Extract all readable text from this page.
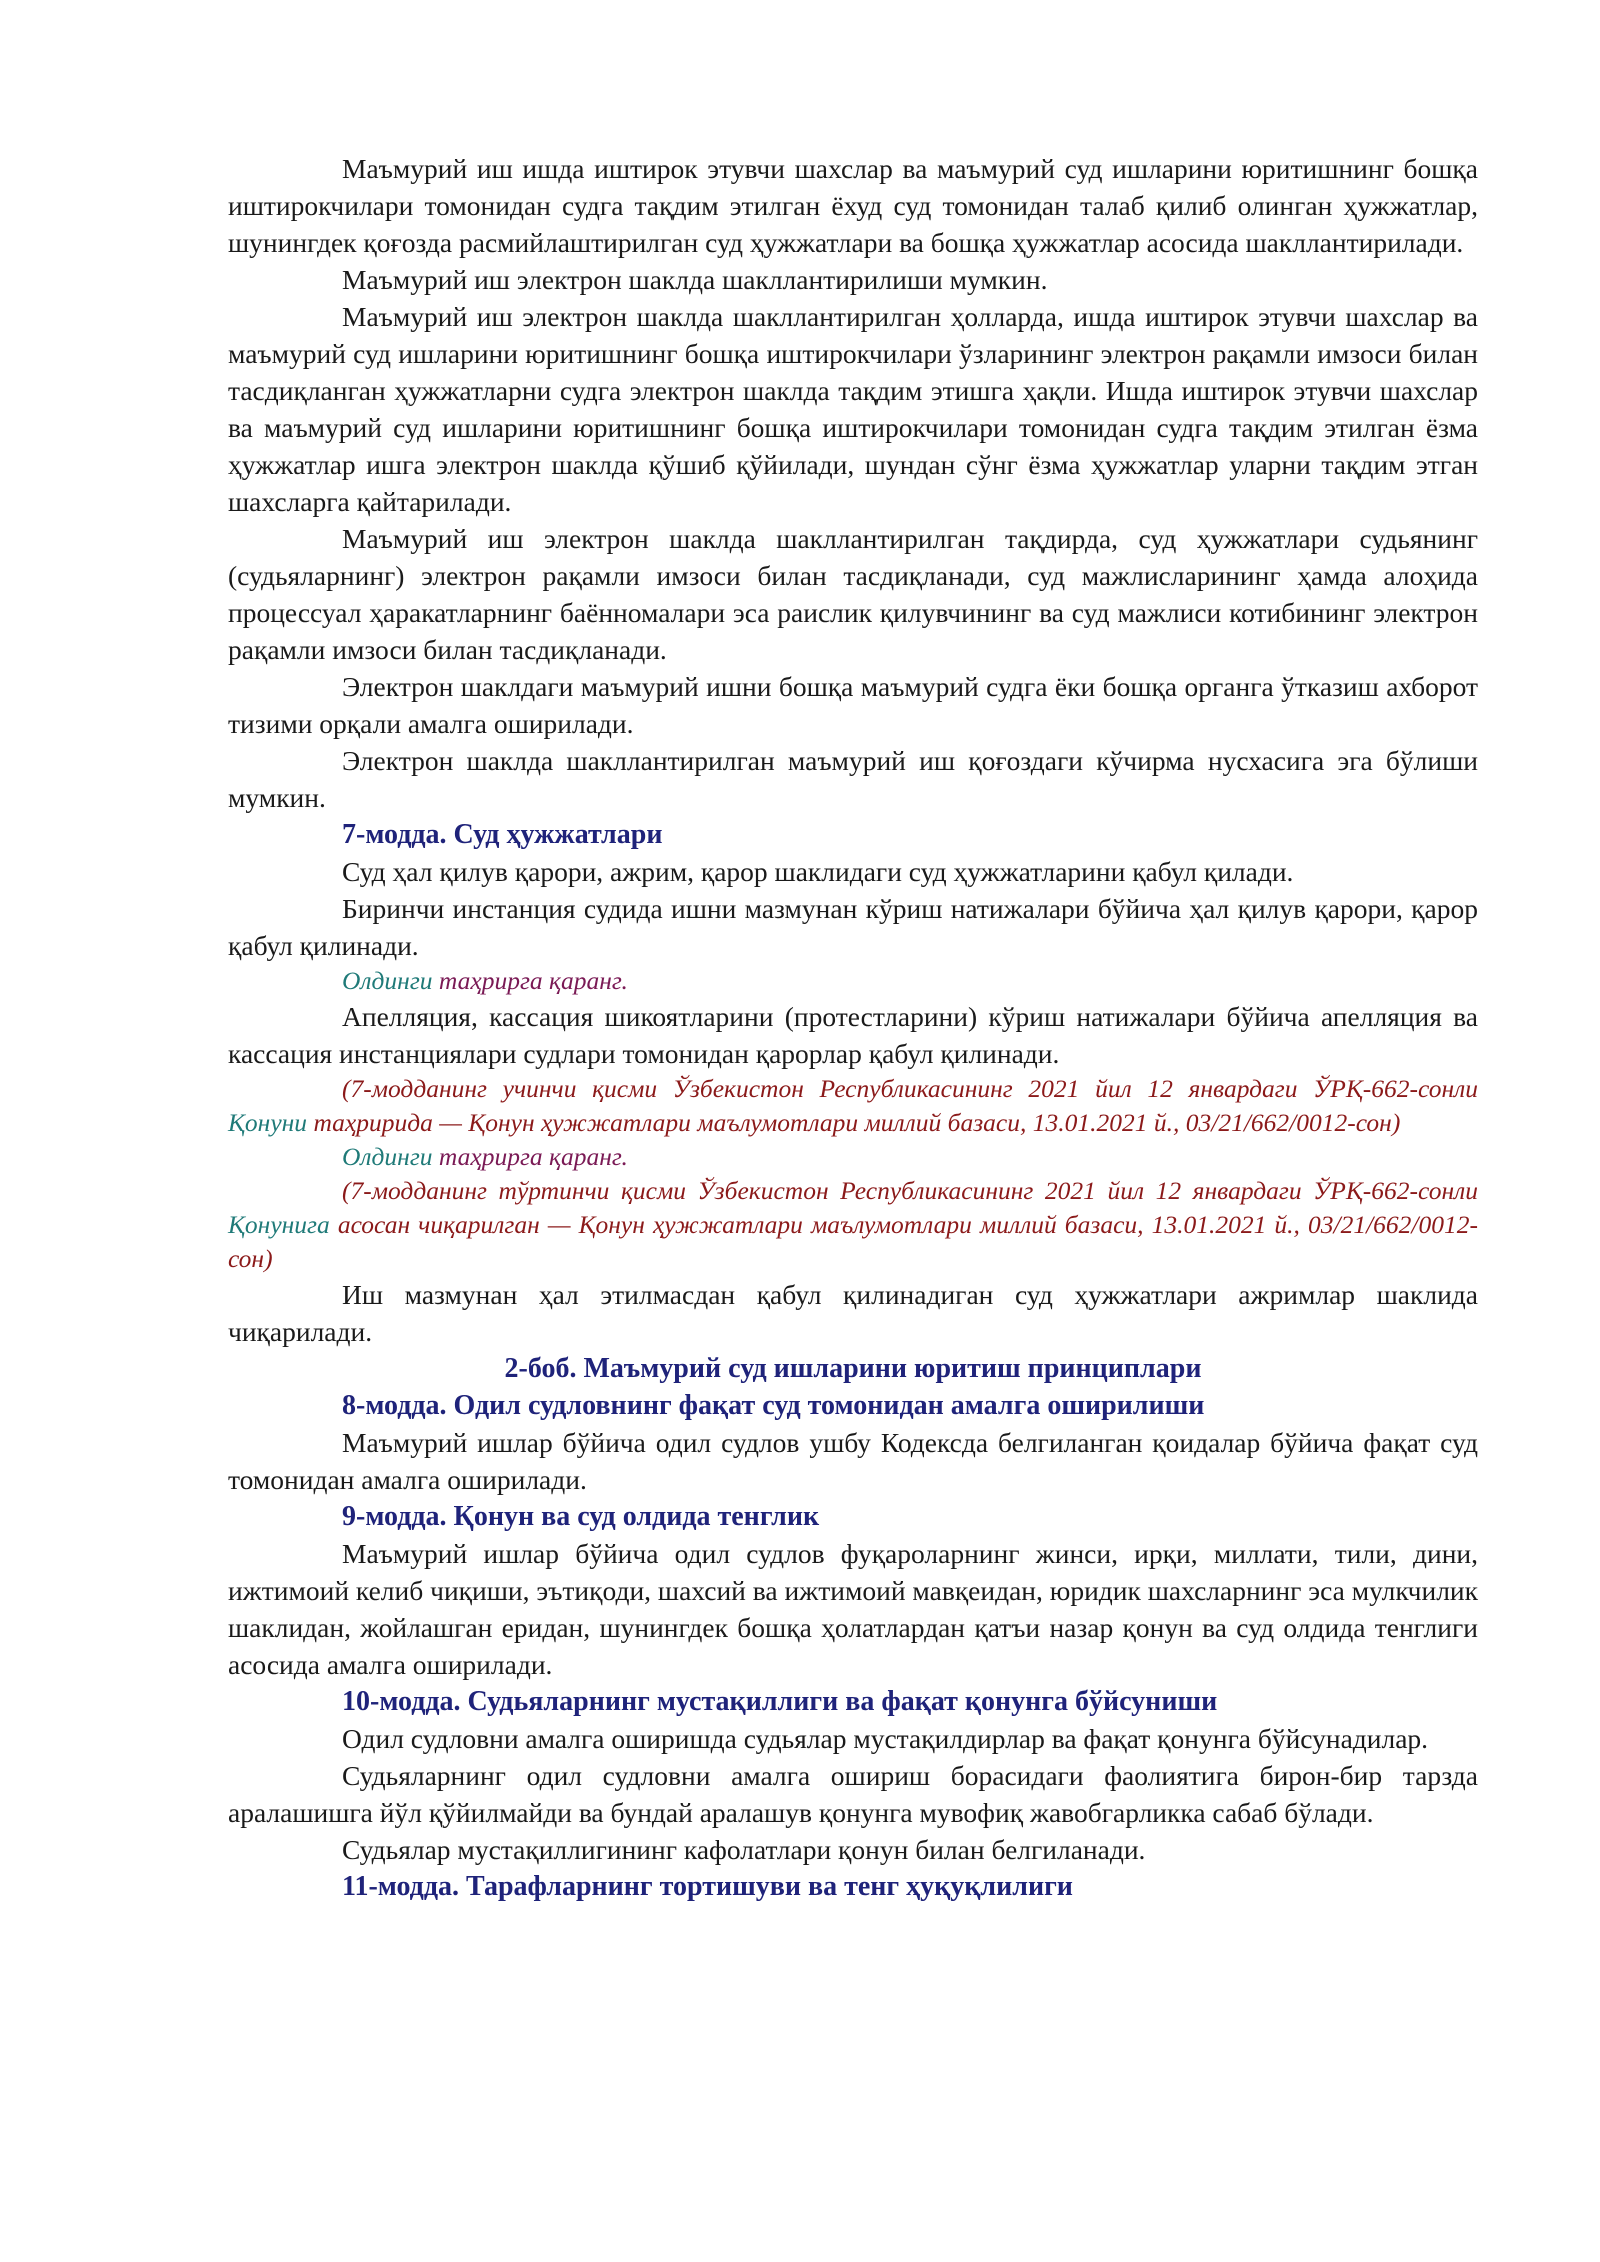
Маъмурий иш ишда иштирок этувчи шахслар ва маъмурий суд ишларини юритишнинг бошқа иштирокчилари томонидан судга тақдим этилган ёхуд суд томонидан талаб қилиб олинган ҳужжатлар, шунингдек қоғозда расмийлаштирилган суд ҳужжатлари ва бошқа ҳужжатлар асосида шакллантирилади.

Маъмурий иш электрон шаклда шакллантирилиши мумкин.

Маъмурий иш электрон шаклда шакллантирилган ҳолларда, ишда иштирок этувчи шахслар ва маъмурий суд ишларини юритишнинг бошқа иштирокчилари ўзларининг электрон рақамли имзоси билан тасдиқланган ҳужжатларни судга электрон шаклда тақдим этишга ҳақли. Ишда иштирок этувчи шахслар ва маъмурий суд ишларини юритишнинг бошқа иштирокчилари томонидан судга тақдим этилган ёзма ҳужжатлар ишга электрон шаклда қўшиб қўйилади, шундан сўнг ёзма ҳужжатлар уларни тақдим этган шахсларга қайтарилади.

Маъмурий иш электрон шаклда шакллантирилган тақдирда, суд ҳужжатлари судьянинг (судьяларнинг) электрон рақамли имзоси билан тасдиқланади, суд мажлисларининг ҳамда алоҳида процессуал ҳаракатларнинг баённомалари эса раислик қилувчининг ва суд мажлиси котибининг электрон рақамли имзоси билан тасдиқланади.

Электрон шаклдаги маъмурий ишни бошқа маъмурий судга ёки бошқа органга ўтказиш ахборот тизими орқали амалга оширилади.

Электрон шаклда шакллантирилган маъмурий иш қоғоздаги кўчирма нусхасига эга бўлиши мумкин.

7-модда. Суд ҳужжатлари

Суд ҳал қилув қарори, ажрим, қарор шаклидаги суд ҳужжатларини қабул қилади.

Биринчи инстанция судида ишни мазмунан кўриш натижалари бўйича ҳал қилув қарори, қарор қабул қилинади.

Олдинги таҳрирга қаранг.

Апелляция, кассация шикоятларини (протестларини) кўриш натижалари бўйича апелляция ва кассация инстанциялари судлари томонидан қарорлар қабул қилинади.

(7-модданинг учинчи қисми Ўзбекистон Республикасининг 2021 йил 12 январдаги ЎРҚ-662-сонли Қонуни таҳририда — Қонун ҳужжатлари маълумотлари миллий базаси, 13.01.2021 й., 03/21/662/0012-сон)

Олдинги таҳрирга қаранг.

(7-модданинг тўртинчи қисми Ўзбекистон Республикасининг 2021 йил 12 январдаги ЎРҚ-662-сонли Қонунига асосан чиқарилган — Қонун ҳужжатлари маълумотлари миллий базаси, 13.01.2021 й., 03/21/662/0012-сон)

Иш мазмунан ҳал этилмасдан қабул қилинадиган суд ҳужжатлари ажримлар шаклида чиқарилади.

2-боб. Маъмурий суд ишларини юритиш принциплари

8-модда. Одил судловнинг фақат суд томонидан амалга оширилиши

Маъмурий ишлар бўйича одил судлов ушбу Кодексда белгиланган қоидалар бўйича фақат суд томонидан амалга оширилади.

9-модда. Қонун ва суд олдида тенглик

Маъмурий ишлар бўйича одил судлов фуқароларнинг жинси, ирқи, миллати, тили, дини, ижтимоий келиб чиқиши, эътиқоди, шахсий ва ижтимоий мавқеидан, юридик шахсларнинг эса мулкчилик шаклидан, жойлашган еридан, шунингдек бошқа ҳолатлардан қатъи назар қонун ва суд олдида тенглиги асосида амалга оширилади.

10-модда. Судьяларнинг мустақиллиги ва фақат қонунга бўйсуниши

Одил судловни амалга оширишда судьялар мустақилдирлар ва фақат қонунга бўйсунадилар.

Судьяларнинг одил судловни амалга ошириш борасидаги фаолиятига бирон-бир тарзда аралашишга йўл қўйилмайди ва бундай аралашув қонунга мувофиқ жавобгарликка сабаб бўлади.

Судьялар мустақиллигининг кафолатлари қонун билан белгиланади.

11-модда. Тарафларнинг тортишуви ва тенг ҳуқуқлилиги
